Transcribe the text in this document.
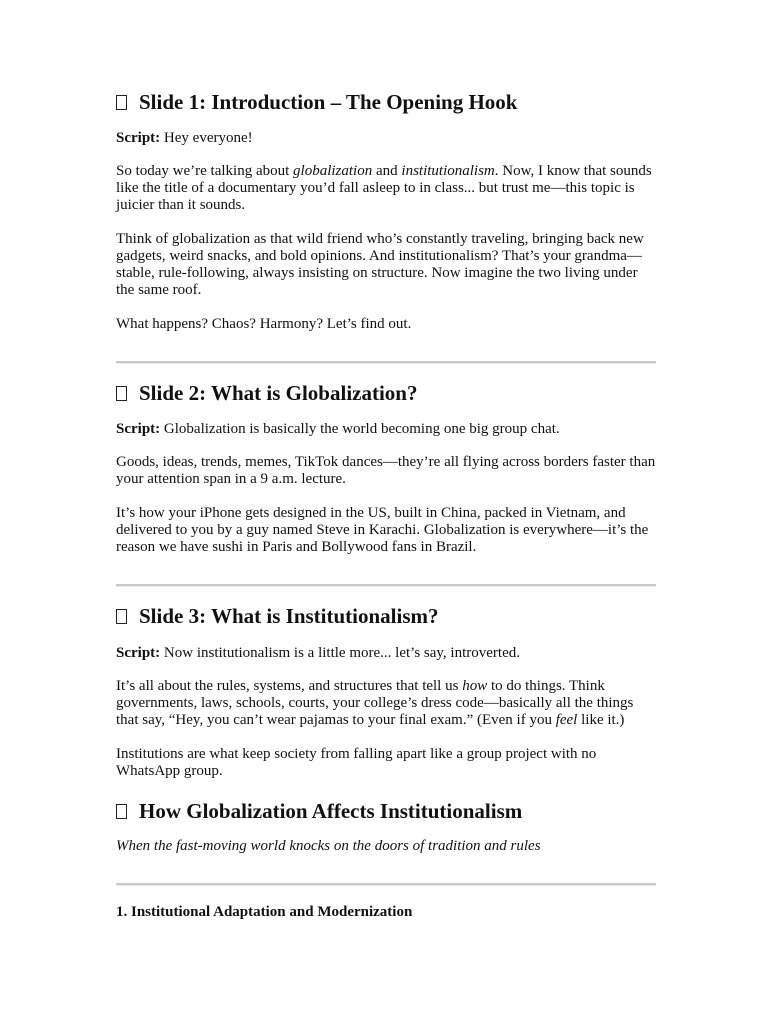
Slide 1: Introduction – The Opening Hook

Script: Hey everyone!

So today we’re talking about globalization and institutionalism. Now, I know that sounds like the title of a documentary you’d fall asleep to in class... but trust me—this topic is juicier than it sounds.

Think of globalization as that wild friend who’s constantly traveling, bringing back new gadgets, weird snacks, and bold opinions. And institutionalism? That’s your grandma—stable, rule-following, always insisting on structure. Now imagine the two living under the same roof.

What happens? Chaos? Harmony? Let’s find out.

Slide 2: What is Globalization?

Script: Globalization is basically the world becoming one big group chat.

Goods, ideas, trends, memes, TikTok dances—they’re all flying across borders faster than your attention span in a 9 a.m. lecture.

It’s how your iPhone gets designed in the US, built in China, packed in Vietnam, and delivered to you by a guy named Steve in Karachi. Globalization is everywhere—it’s the reason we have sushi in Paris and Bollywood fans in Brazil.

Slide 3: What is Institutionalism?

Script: Now institutionalism is a little more... let’s say, introverted.

It’s all about the rules, systems, and structures that tell us how to do things. Think governments, laws, schools, courts, your college’s dress code—basically all the things that say, “Hey, you can’t wear pajamas to your final exam.” (Even if you feel like it.)

Institutions are what keep society from falling apart like a group project with no WhatsApp group.

How Globalization Affects Institutionalism

When the fast-moving world knocks on the doors of tradition and rules

1. Institutional Adaptation and Modernization
